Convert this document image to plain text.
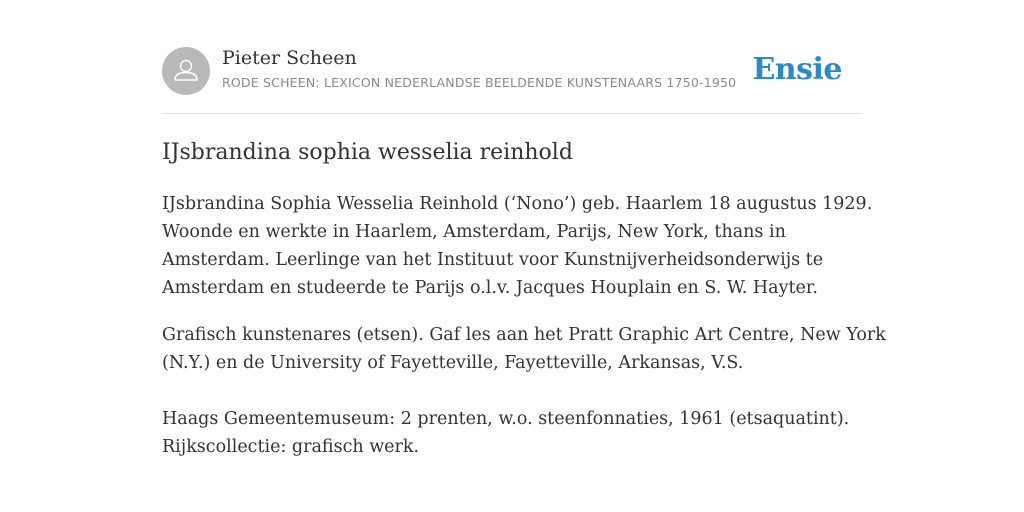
Pieter Scheen
RODE SCHEEN: LEXICON NEDERLANDSE BEELDENDE KUNSTENAARS 1750-1950 Ensie
IJsbrandina sophia wesselia reinhold

IJsbrandina Sophia Wesselia Reinhold (‘Nono’) geb. Haarlem 18 augustus 1929.
Woonde en werkte in Haarlem, Amsterdam, Parijs, New York, thans in
Amsterdam. Leerlinge van het Instituut voor Kunstnijverheidsonderwijs te
Amsterdam en studeerde te Parijs o.l.v. Jacques Houplain en S. W. Hayter.

Grafisch kunstenares (etsen). Gaf les aan het Pratt Graphic Art Centre, New York
(N.Y.) en de University of Fayetteville, Fayetteville, Arkansas, V.S.

Haags Gemeentemuseum: 2 prenten, w.o. steenfonnaties, 1961 (etsaquatint).
Rijkscollectie: grafisch werk.
